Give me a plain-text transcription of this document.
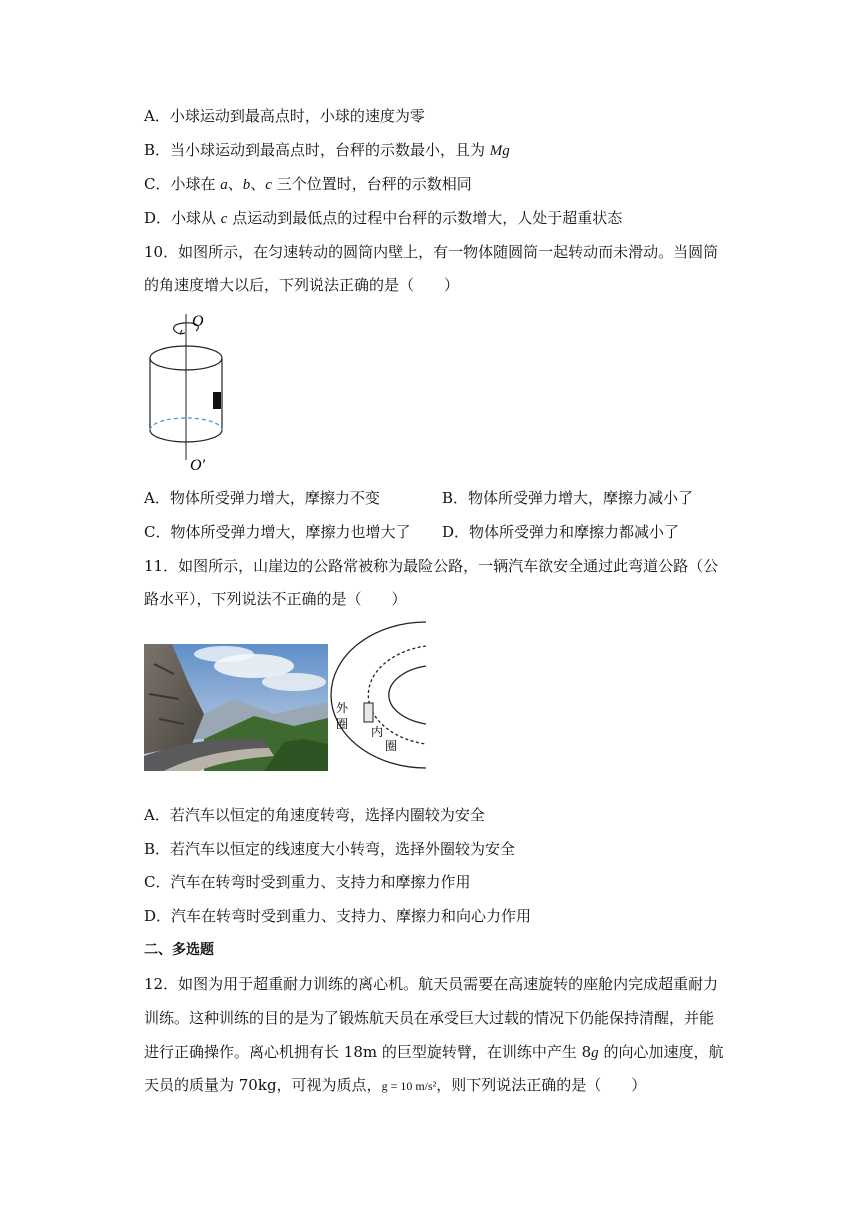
A．小球运动到最高点时，小球的速度为零
B．当小球运动到最高点时，台秤的示数最小，且为 Mg
C．小球在 a、b、c 三个位置时，台秤的示数相同
D．小球从 c 点运动到最低点的过程中台秤的示数增大，人处于超重状态
10．如图所示，在匀速转动的圆筒内壁上，有一物体随圆筒一起转动而未滑动。当圆筒
的角速度增大以后，下列说法正确的是（　　）
O
O′
A．物体所受弹力增大，摩擦力不变	B．物体所受弹力增大，摩擦力减小了
C．物体所受弹力增大，摩擦力也增大了 D．物体所受弹力和摩擦力都减小了
11．如图所示，山崖边的公路常被称为最险公路，一辆汽车欲安全通过此弯道公路（公
路水平），下列说法不正确的是（　　）
外
圈
内
圈
A．若汽车以恒定的角速度转弯，选择内圈较为安全
B．若汽车以恒定的线速度大小转弯，选择外圈较为安全
C．汽车在转弯时受到重力、支持力和摩擦力作用
D．汽车在转弯时受到重力、支持力、摩擦力和向心力作用
二、多选题
12．如图为用于超重耐力训练的离心机。航天员需要在高速旋转的座舱内完成超重耐力
训练。这种训练的目的是为了锻炼航天员在承受巨大过载的情况下仍能保持清醒，并能
进行正确操作。离心机拥有长 18m 的巨型旋转臂，在训练中产生 8g 的向心加速度，航
天员的质量为 70kg，可视为质点，g = 10 m/s²，则下列说法正确的是（　　）
